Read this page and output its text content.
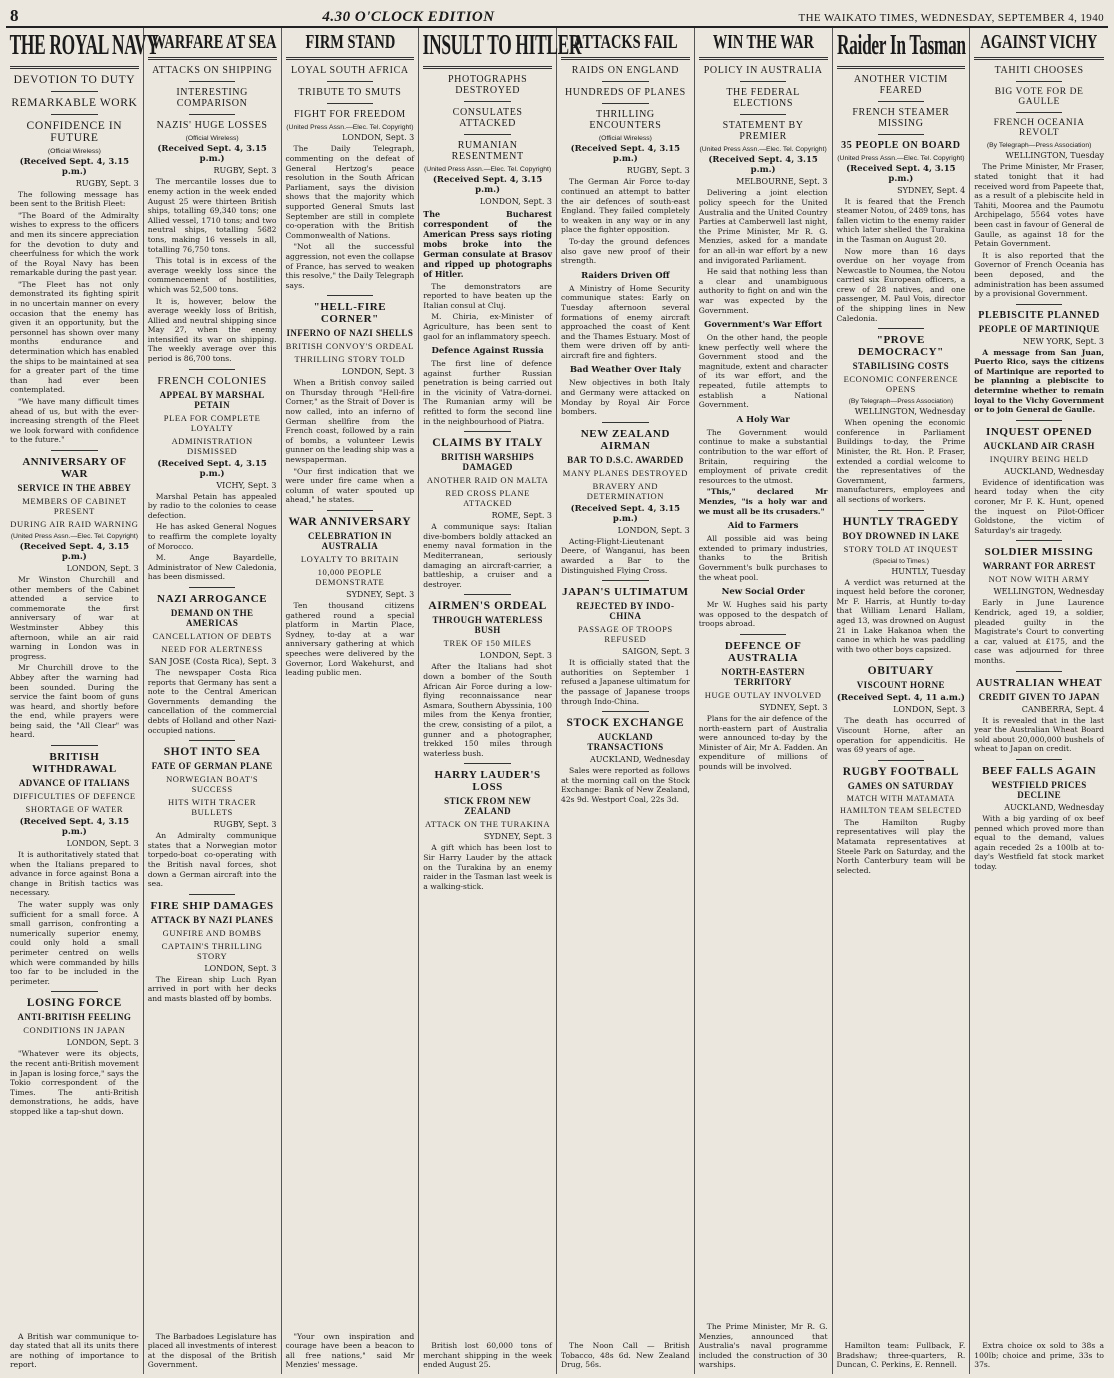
8	4.30 O'CLOCK EDITION	THE WAIKATO TIMES, WEDNESDAY, SEPTEMBER 4, 1940
THE ROYAL NAVY
DEVOTION TO DUTY
REMARKABLE WORK
CONFIDENCE IN FUTURE
(Official Wireless)
(Received Sept. 4, 3.15 p.m.)
RUGBY, Sept. 3

The following message has been sent to the British Fleet:

"The Board of the Admiralty wishes to express to the officers and men its sincere appreciation for the devotion to duty and cheerfulness for which the work of the Royal Navy has been remarkable during the past year.

"The Fleet has not only demonstrated its fighting spirit in no uncertain manner on every occasion that the enemy has given it an opportunity, but the personnel has shown over many months endurance and determination which has enabled the ships to be maintained at sea for a greater part of the time than had ever been contemplated.

"We have many difficult times ahead of us, but with the ever-increasing strength of the Fleet we look forward with confidence to the future."

ANNIVERSARY OF WAR
SERVICE IN THE ABBEY
MEMBERS OF CABINET PRESENT
DURING AIR RAID WARNING
(United Press Assn.—Elec. Tel. Copyright)
(Received Sept. 4, 3.15 p.m.)
LONDON, Sept. 3

Mr Winston Churchill and other members of the Cabinet attended a service to commemorate the first anniversary of war at Westminster Abbey this afternoon, while an air raid warning in London was in progress.

Mr Churchill drove to the Abbey after the warning had been sounded. During the service the faint boom of guns was heard, and shortly before the end, while prayers were being said, the "All Clear" was heard.

BRITISH WITHDRAWAL
ADVANCE OF ITALIANS
DIFFICULTIES OF DEFENCE
SHORTAGE OF WATER
(Received Sept. 4, 3.15 p.m.)
LONDON, Sept. 3

It is authoritatively stated that when the Italians prepared to advance in force against Bona a change in British tactics was necessary.

The water supply was only sufficient for a small force. A small garrison, confronting a numerically superior enemy, could only hold a small perimeter centred on wells which were commanded by hills too far to be included in the perimeter.

LOSING FORCE
ANTI-BRITISH FEELING
CONDITIONS IN JAPAN
LONDON, Sept. 3

"Whatever were its objects, the recent anti-British movement in Japan is losing force," says the Tokio correspondent of the Times. The anti-British demonstrations, he adds, have stopped like a tap-shut down.

A British war communique to-day stated that all its units there are nothing of importance to report.

WARFARE AT SEA
ATTACKS ON SHIPPING
INTERESTING COMPARISON
NAZIS' HUGE LOSSES
(Official Wireless)
(Received Sept. 4, 3.15 p.m.)
RUGBY, Sept. 3

The mercantile losses due to enemy action in the week ended August 25 were thirteen British ships, totalling 69,340 tons; one Allied vessel, 1710 tons; and two neutral ships, totalling 5682 tons, making 16 vessels in all, totalling 76,750 tons.

This total is in excess of the average weekly loss since the commencement of hostilities, which was 52,500 tons.

It is, however, below the average weekly loss of British, Allied and neutral shipping since May 27, when the enemy intensified its war on shipping. The weekly average over this period is 86,700 tons.

FRENCH COLONIES
APPEAL BY MARSHAL PETAIN
PLEA FOR COMPLETE LOYALTY
ADMINISTRATION DISMISSED
(Received Sept. 4, 3.15 p.m.)
VICHY, Sept. 3

Marshal Petain has appealed by radio to the colonies to cease defection.

He has asked General Nogues to reaffirm the complete loyalty of Morocco.

M. Ange Bayardelle, Administrator of New Caledonia, has been dismissed.

NAZI ARROGANCE
DEMAND ON THE AMERICAS
CANCELLATION OF DEBTS
NEED FOR ALERTNESS
SAN JOSE (Costa Rica), Sept. 3

The newspaper Costa Rica reports that Germany has sent a note to the Central American Governments demanding the cancellation of the commercial debts of Holland and other Nazi-occupied nations.

SHOT INTO SEA
FATE OF GERMAN PLANE
NORWEGIAN BOAT'S SUCCESS
HITS WITH TRACER BULLETS
RUGBY, Sept. 3

An Admiralty communique states that a Norwegian motor torpedo-boat co-operating with the British naval forces, shot down a German aircraft into the sea.

FIRE SHIP DAMAGES
ATTACK BY NAZI PLANES
GUNFIRE AND BOMBS
CAPTAIN'S THRILLING STORY
LONDON, Sept. 3

The Eirean ship Luch Ryan arrived in port with her decks and masts blasted off by bombs.

The Barbadoes Legislature has placed all investments of interest at the disposal of the British Government.

FIRM STAND
LOYAL SOUTH AFRICA
TRIBUTE TO SMUTS
FIGHT FOR FREEDOM
(United Press Assn.—Elec. Tel. Copyright)
LONDON, Sept. 3

The Daily Telegraph, commenting on the defeat of General Hertzog's peace resolution in the South African Parliament, says the division shows that the majority which supported General Smuts last September are still in complete co-operation with the British Commonwealth of Nations.

"Not all the successful aggression, not even the collapse of France, has served to weaken this resolve," the Daily Telegraph says.

"HELL-FIRE CORNER"
INFERNO OF NAZI SHELLS
BRITISH CONVOY'S ORDEAL
THRILLING STORY TOLD
LONDON, Sept. 3

When a British convoy sailed on Thursday through "Hell-fire Corner," as the Strait of Dover is now called, into an inferno of German shellfire from the French coast, followed by a rain of bombs, a volunteer Lewis gunner on the leading ship was a newspaperman.

"Our first indication that we were under fire came when a column of water spouted up ahead," he states.

WAR ANNIVERSARY
CELEBRATION IN AUSTRALIA
LOYALTY TO BRITAIN
10,000 PEOPLE DEMONSTRATE
SYDNEY, Sept. 3

Ten thousand citizens gathered round a special platform in Martin Place, Sydney, to-day at a war anniversary gathering at which speeches were delivered by the Governor, Lord Wakehurst, and leading public men.

"Your own inspiration and courage have been a beacon to all free nations," said Mr Menzies' message.

INSULT TO HITLER
PHOTOGRAPHS DESTROYED
CONSULATES ATTACKED
RUMANIAN RESENTMENT
(United Press Assn.—Elec. Tel. Copyright)
(Received Sept. 4, 3.15 p.m.)
LONDON, Sept. 3
The Bucharest correspondent of the American Press says rioting mobs broke into the German consulate at Brasov and ripped up photographs of Hitler.

The demonstrators are reported to have beaten up the Italian consul at Cluj.

M. Chiria, ex-Minister of Agriculture, has been sent to gaol for an inflammatory speech.

Defence Against Russia

The first line of defence against further Russian penetration is being carried out in the vicinity of Vatra-dornei. The Rumanian army will be refitted to form the second line in the neighbourhood of Piatra.

CLAIMS BY ITALY
BRITISH WARSHIPS DAMAGED
ANOTHER RAID ON MALTA
RED CROSS PLANE ATTACKED
ROME, Sept. 3

A communique says: Italian dive-bombers boldly attacked an enemy naval formation in the Mediterranean, seriously damaging an aircraft-carrier, a battleship, a cruiser and a destroyer.

AIRMEN'S ORDEAL
THROUGH WATERLESS BUSH
TREK OF 150 MILES
LONDON, Sept. 3

After the Italians had shot down a bomber of the South African Air Force during a low-flying reconnaissance near Asmara, Southern Abyssinia, 100 miles from the Kenya frontier, the crew, consisting of a pilot, a gunner and a photographer, trekked 150 miles through waterless bush.

HARRY LAUDER'S LOSS
STICK FROM NEW ZEALAND
ATTACK ON THE TURAKINA
SYDNEY, Sept. 3

A gift which has been lost to Sir Harry Lauder by the attack on the Turakina by an enemy raider in the Tasman last week is a walking-stick.

British lost 60,000 tons of merchant shipping in the week ended August 25.

ATTACKS FAIL
RAIDS ON ENGLAND
HUNDREDS OF PLANES
THRILLING ENCOUNTERS
(Official Wireless)
(Received Sept. 4, 3.15 p.m.)
RUGBY, Sept. 3

The German Air Force to-day continued an attempt to batter the air defences of south-east England. They failed completely to weaken in any way or in any place the fighter opposition.

To-day the ground defences also gave new proof of their strength.

Raiders Driven Off

A Ministry of Home Security communique states: Early on Tuesday afternoon several formations of enemy aircraft approached the coast of Kent and the Thames Estuary. Most of them were driven off by anti-aircraft fire and fighters.

Bad Weather Over Italy

New objectives in both Italy and Germany were attacked on Monday by Royal Air Force bombers.

NEW ZEALAND AIRMAN
BAR TO D.S.C. AWARDED
MANY PLANES DESTROYED
BRAVERY AND DETERMINATION
(Received Sept. 4, 3.15 p.m.)
LONDON, Sept. 3

Acting-Flight-Lieutenant Deere, of Wanganui, has been awarded a Bar to the Distinguished Flying Cross.

JAPAN'S ULTIMATUM
REJECTED BY INDO-CHINA
PASSAGE OF TROOPS REFUSED
SAIGON, Sept. 3

It is officially stated that the authorities on September 1 refused a Japanese ultimatum for the passage of Japanese troops through Indo-China.

STOCK EXCHANGE
AUCKLAND TRANSACTIONS
AUCKLAND, Wednesday

Sales were reported as follows at the morning call on the Stock Exchange: Bank of New Zealand, 42s 9d. Westport Coal, 22s 3d.

The Noon Call — British Tobacco, 48s 6d. New Zealand Drug, 56s.

WIN THE WAR
POLICY IN AUSTRALIA
THE FEDERAL ELECTIONS
STATEMENT BY PREMIER
(United Press Assn.—Elec. Tel. Copyright)
(Received Sept. 4, 3.15 p.m.)
MELBOURNE, Sept. 3

Delivering a joint election policy speech for the United Australia and the United Country Parties at Camberwell last night, the Prime Minister, Mr R. G. Menzies, asked for a mandate for an all-in war effort by a new and invigorated Parliament.

He said that nothing less than a clear and unambiguous authority to fight on and win the war was expected by the Government.

Government's War Effort

On the other hand, the people knew perfectly well where the Government stood and the magnitude, extent and character of its war effort, and the repeated, futile attempts to establish a National Government.

A Holy War

The Government would continue to make a substantial contribution to the war effort of Britain, requiring the employment of private credit resources to the utmost.

"This," declared Mr Menzies, "is a holy war and we must all be its crusaders."

Aid to Farmers

All possible aid was being extended to primary industries, thanks to the British Government's bulk purchases to the wheat pool.

New Social Order

Mr W. Hughes said his party was opposed to the despatch of troops abroad.

DEFENCE OF AUSTRALIA
NORTH-EASTERN TERRITORY
HUGE OUTLAY INVOLVED
SYDNEY, Sept. 3

Plans for the air defence of the north-eastern part of Australia were announced to-day by the Minister of Air, Mr A. Fadden. An expenditure of millions of pounds will be involved.

The Prime Minister, Mr R. G. Menzies, announced that Australia's naval programme included the construction of 30 warships.

Raider In Tasman
ANOTHER VICTIM FEARED
FRENCH STEAMER MISSING
35 PEOPLE ON BOARD
(United Press Assn.—Elec. Tel. Copyright)
(Received Sept. 4, 3.15 p.m.)
SYDNEY, Sept. 4

It is feared that the French steamer Notou, of 2489 tons, has fallen victim to the enemy raider which later shelled the Turakina in the Tasman on August 20.

Now more than 16 days overdue on her voyage from Newcastle to Noumea, the Notou carried six European officers, a crew of 28 natives, and one passenger, M. Paul Vois, director of the shipping lines in New Caledonia.

"PROVE DEMOCRACY"
STABILISING COSTS
ECONOMIC CONFERENCE OPENS
(By Telegraph—Press Association)
WELLINGTON, Wednesday

When opening the economic conference in Parliament Buildings to-day, the Prime Minister, the Rt. Hon. P. Fraser, extended a cordial welcome to the representatives of the Government, farmers, manufacturers, employees and all sections of workers.

HUNTLY TRAGEDY
BOY DROWNED IN LAKE
STORY TOLD AT INQUEST
(Special to Times.)
HUNTLY, Tuesday

A verdict was returned at the inquest held before the coroner, Mr F. Harris, at Huntly to-day that William Lenard Hallam, aged 13, was drowned on August 21 in Lake Hakanoa when the canoe in which he was paddling with two other boys capsized.

OBITUARY
VISCOUNT HORNE
(Received Sept. 4, 11 a.m.)
LONDON, Sept. 3

The death has occurred of Viscount Horne, after an operation for appendicitis. He was 69 years of age.

RUGBY FOOTBALL
GAMES ON SATURDAY
MATCH WITH MATAMATA
HAMILTON TEAM SELECTED

The Hamilton Rugby representatives will play the Matamata representatives at Steele Park on Saturday, and the North Canterbury team will be selected.

Hamilton team: Fullback, F. Bradshaw; three-quarters, R. Duncan, C. Perkins, E. Rennell.

AGAINST VICHY
TAHITI CHOOSES
BIG VOTE FOR DE GAULLE
FRENCH OCEANIA REVOLT
(By Telegraph—Press Association)
WELLINGTON, Tuesday

The Prime Minister, Mr Fraser, stated tonight that it had received word from Papeete that, as a result of a plebiscite held in Tahiti, Moorea and the Paumotu Archipelago, 5564 votes have been cast in favour of General de Gaulle, as against 18 for the Petain Government.

It is also reported that the Governor of French Oceania has been deposed, and the administration has been assumed by a provisional Government.

PLEBISCITE PLANNED
PEOPLE OF MARTINIQUE
NEW YORK, Sept. 3

A message from San Juan, Puerto Rico, says the citizens of Martinique are reported to be planning a plebiscite to determine whether to remain loyal to the Vichy Government or to join General de Gaulle.

INQUEST OPENED
AUCKLAND AIR CRASH
INQUIRY BEING HELD
AUCKLAND, Wednesday

Evidence of identification was heard today when the city coroner, Mr F. K. Hunt, opened the inquest on Pilot-Officer Goldstone, the victim of Saturday's air tragedy.

SOLDIER MISSING
WARRANT FOR ARREST
NOT NOW WITH ARMY
WELLINGTON, Wednesday

Early in June Laurence Kendrick, aged 19, a soldier, pleaded guilty in the Magistrate's Court to converting a car, valued at £175, and the case was adjourned for three months.

AUSTRALIAN WHEAT
CREDIT GIVEN TO JAPAN
CANBERRA, Sept. 4

It is revealed that in the last year the Australian Wheat Board sold about 20,000,000 bushels of wheat to Japan on credit.

BEEF FALLS AGAIN
WESTFIELD PRICES DECLINE
AUCKLAND, Wednesday

With a big yarding of ox beef penned which proved more than equal to the demand, values again receded 2s a 100lb at to-day's Westfield fat stock market today.

Extra choice ox sold to 38s a 100lb; choice and prime, 33s to 37s.
